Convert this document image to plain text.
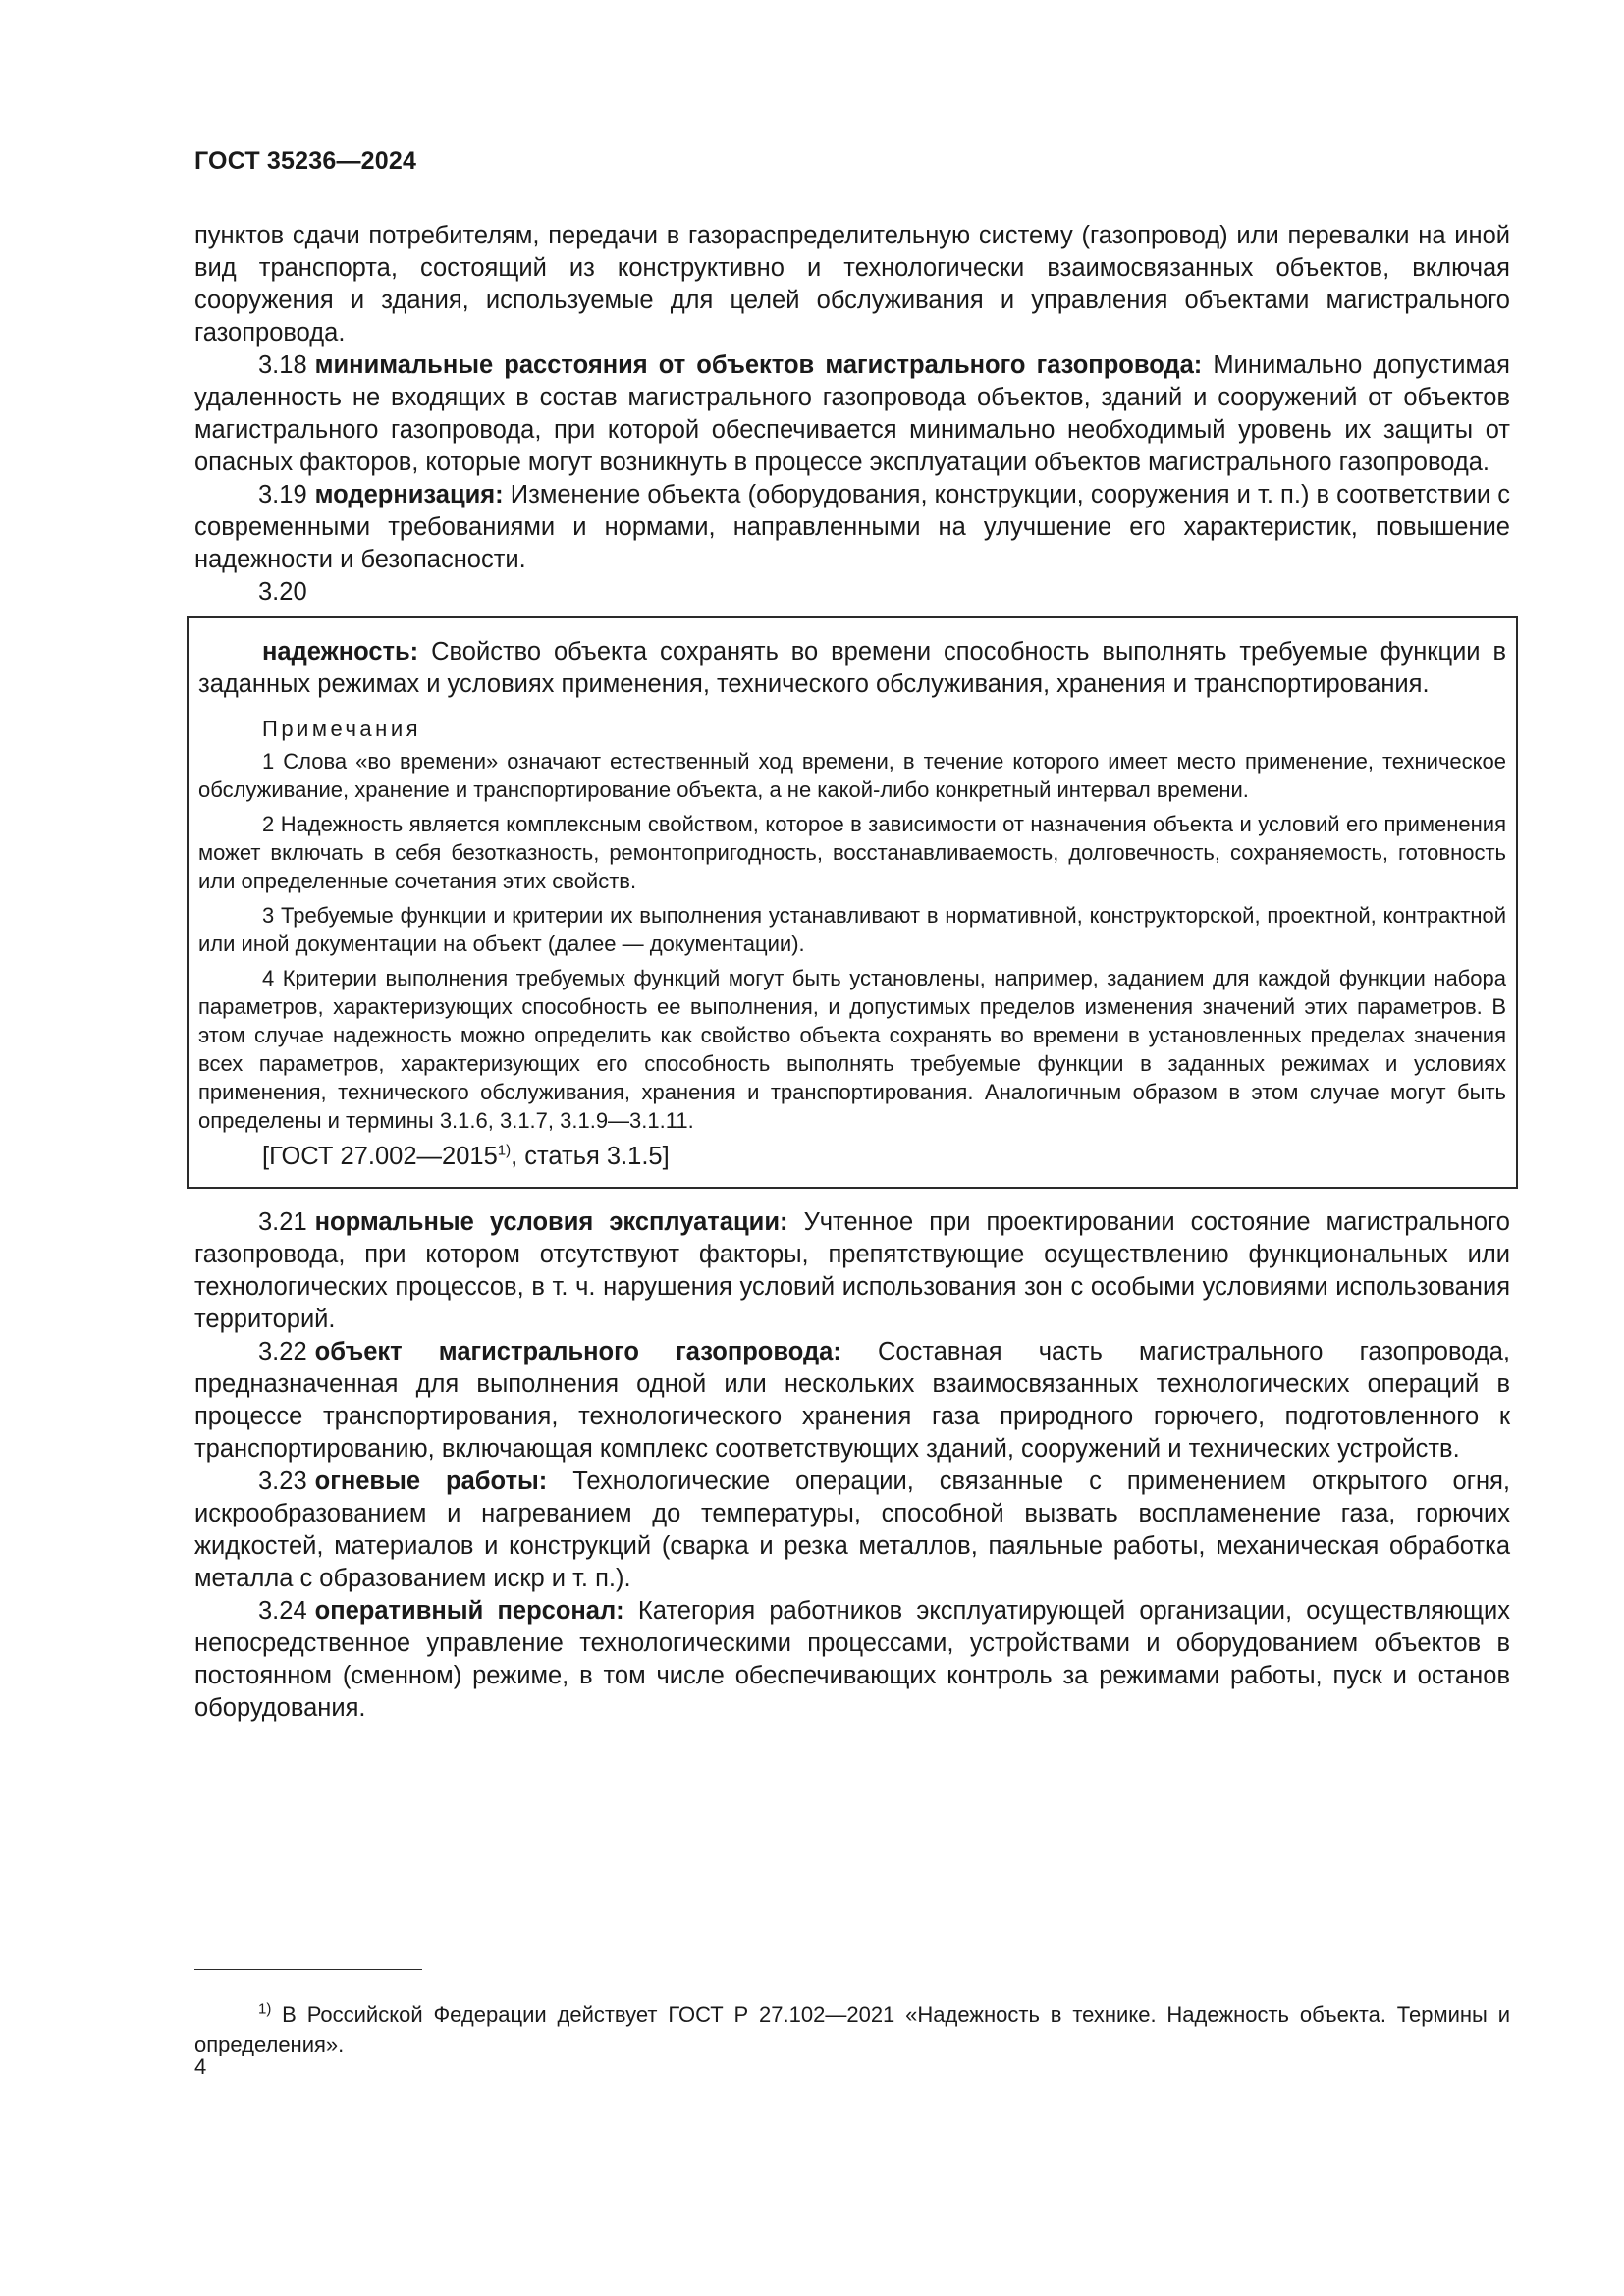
ГОСТ 35236—2024

пунктов сдачи потребителям, передачи в газораспределительную систему (газопровод) или перевалки на иной вид транспорта, состоящий из конструктивно и технологически взаимосвязанных объектов, включая сооружения и здания, используемые для целей обслуживания и управления объектами магистрального газопровода.

3.18 минимальные расстояния от объектов магистрального газопровода: Минимально допустимая удаленность не входящих в состав магистрального газопровода объектов, зданий и сооружений от объектов магистрального газопровода, при которой обеспечивается минимально необходимый уровень их защиты от опасных факторов, которые могут возникнуть в процессе эксплуатации объектов магистрального газопровода.

3.19 модернизация: Изменение объекта (оборудования, конструкции, сооружения и т. п.) в соответствии с современными требованиями и нормами, направленными на улучшение его характеристик, повышение надежности и безопасности.

3.20

надежность: Свойство объекта сохранять во времени способность выполнять требуемые функции в заданных режимах и условиях применения, технического обслуживания, хранения и транспортирования.

Примечания

1 Слова «во времени» означают естественный ход времени, в течение которого имеет место применение, техническое обслуживание, хранение и транспортирование объекта, а не какой-либо конкретный интервал времени.

2 Надежность является комплексным свойством, которое в зависимости от назначения объекта и условий его применения может включать в себя безотказность, ремонтопригодность, восстанавливаемость, долговечность, сохраняемость, готовность или определенные сочетания этих свойств.

3 Требуемые функции и критерии их выполнения устанавливают в нормативной, конструкторской, проектной, контрактной или иной документации на объект (далее — документации).

4 Критерии выполнения требуемых функций могут быть установлены, например, заданием для каждой функции набора параметров, характеризующих способность ее выполнения, и допустимых пределов изменения значений этих параметров. В этом случае надежность можно определить как свойство объекта сохранять во времени в установленных пределах значения всех параметров, характеризующих его способность выполнять требуемые функции в заданных режимах и условиях применения, технического обслуживания, хранения и транспортирования. Аналогичным образом в этом случае могут быть определены и термины 3.1.6, 3.1.7, 3.1.9—3.1.11.

[ГОСТ 27.002—2015$^{1)}$, статья 3.1.5]

3.21 нормальные условия эксплуатации: Учтенное при проектировании состояние магистрального газопровода, при котором отсутствуют факторы, препятствующие осуществлению функциональных или технологических процессов, в т. ч. нарушения условий использования зон с особыми условиями использования территорий.

3.22 объект магистрального газопровода: Составная часть магистрального газопровода, предназначенная для выполнения одной или нескольких взаимосвязанных технологических операций в процессе транспортирования, технологического хранения газа природного горючего, подготовленного к транспортированию, включающая комплекс соответствующих зданий, сооружений и технических устройств.

3.23 огневые работы: Технологические операции, связанные с применением открытого огня, искрообразованием и нагреванием до температуры, способной вызвать воспламенение газа, горючих жидкостей, материалов и конструкций (сварка и резка металлов, паяльные работы, механическая обработка металла с образованием искр и т. п.).

3.24 оперативный персонал: Категория работников эксплуатирующей организации, осуществляющих непосредственное управление технологическими процессами, устройствами и оборудованием объектов в постоянном (сменном) режиме, в том числе обеспечивающих контроль за режимами работы, пуск и останов оборудования.

$^{1)}$ В Российской Федерации действует ГОСТ Р 27.102—2021 «Надежность в технике. Надежность объекта. Термины и определения».

4
